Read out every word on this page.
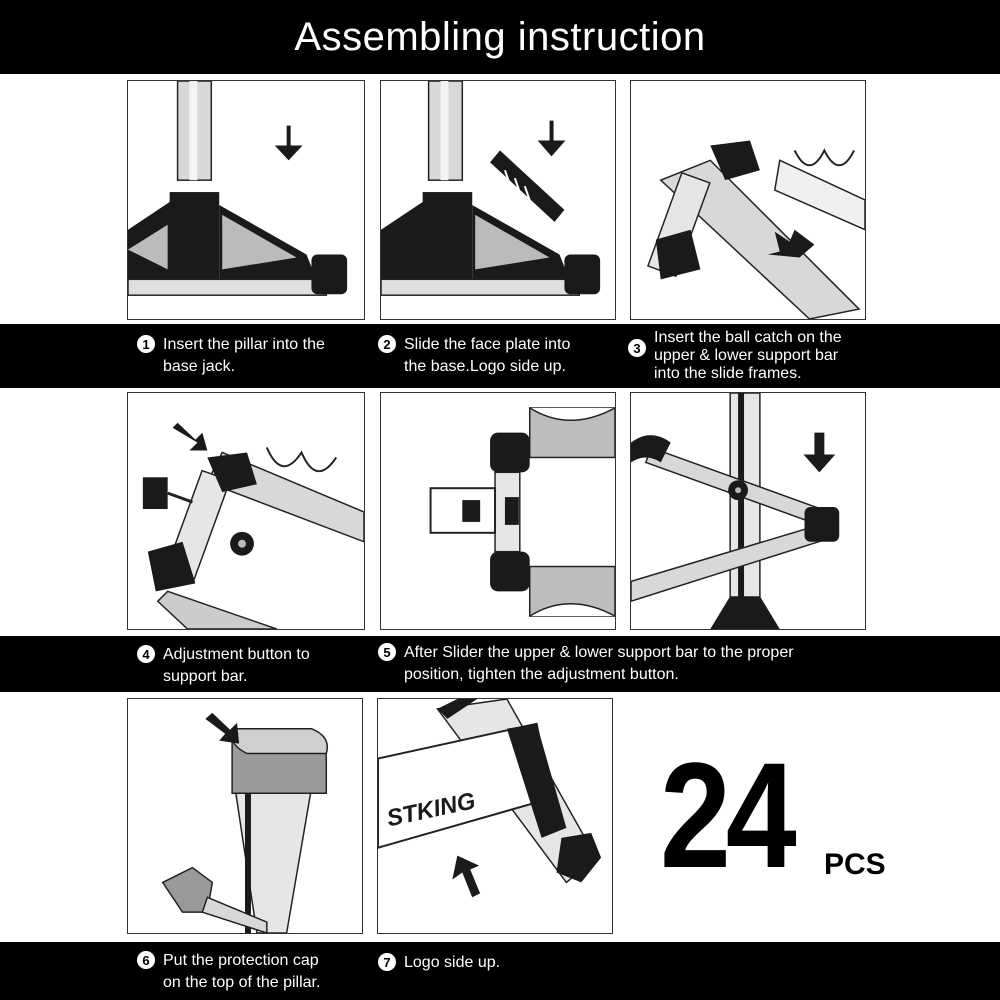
Assembling instruction
1 Insert the pillar into the
base jack.
2 Slide the face plate into
the base.Logo side up.
3
Insert the ball catch on the
upper & lower support bar
into the slide frames.
4 Adjustment button to
support bar.
5 After Slider the upper & lower support bar to the proper
position, tighten the adjustment button.
STKING 24 PCS
6 Put the protection cap
on the top of the pillar.
7 Logo side up.
